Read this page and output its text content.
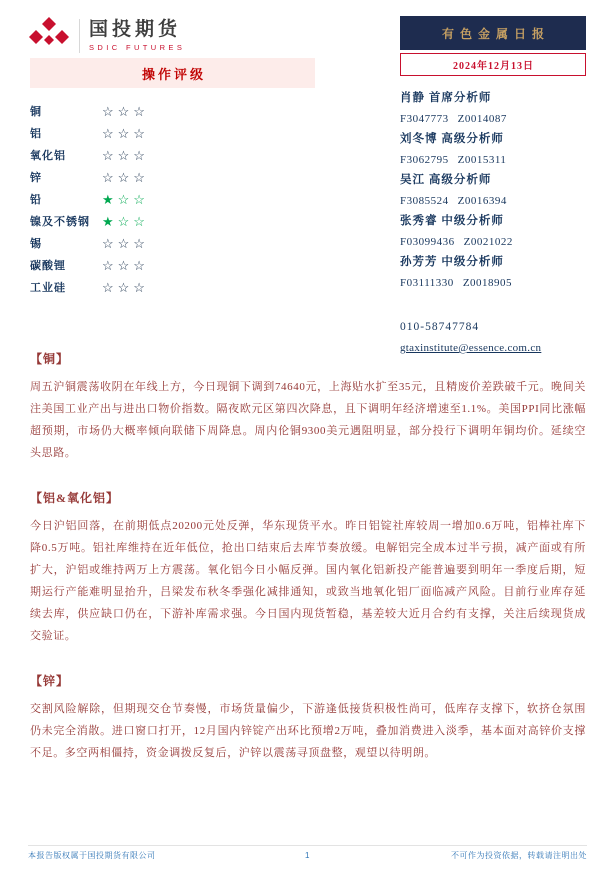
国投期货
SDIC FUTURES
有色金属日报
2024年12月13日
操作评级
铜	☆☆☆
铝	☆☆☆
氧化铝	☆☆☆
锌	☆☆☆
铅	★☆☆
镍及不锈钢 ★☆☆
锡	☆☆☆
碳酸锂	☆☆☆
工业硅	☆☆☆
肖静 首席分析师
F3047773 Z0014087
刘冬博 高级分析师
F3062795 Z0015311
吴江 高级分析师
F3085524 Z0016394
张秀睿 中级分析师
F03099436 Z0021022
孙芳芳 中级分析师
F03111330 Z0018905
010-58747784
gtaxinstitute@essence.com.cn
【铜】
周五沪铜震荡收阴在年线上方，今日现铜下调到74640元，上海贴水扩至35元，且精废价差跌破千元。晚间关注美国工业产出与进出口物价指数。隔夜欧元区第四次降息，且下调明年经济增速至1.1%。美国PPI同比涨幅超预期，市场仍大概率倾向联储下周降息。周内伦铜9300美元遇阻明显，部分投行下调明年铜均价。延续空头思路。
【铝&氧化铝】
今日沪铝回落，在前期低点20200元处反弹，华东现货平水。昨日铝锭社库较周一增加0.6万吨，铝棒社库下降0.5万吨。铝社库维持在近年低位，抢出口结束后去库节奏放缓。电解铝完全成本过半亏损，减产面或有所扩大，沪铝或维持两万上方震荡。氧化铝今日小幅反弹。国内氧化铝新投产能普遍要到明年一季度后期，短期运行产能难明显抬升，吕梁发布秋冬季强化减排通知，或致当地氧化铝厂面临减产风险。目前行业库存延续去库，供应缺口仍在，下游补库需求强。今日国内现货暂稳，基差较大近月合约有支撑，关注后续现货成交验证。
【锌】
交割风险解除，但期现交仓节奏慢，市场货量偏少，下游逢低接货积极性尚可，低库存支撑下，软挤仓氛围仍未完全消散。进口窗口打开，12月国内锌锭产出环比预增2万吨，叠加消费进入淡季，基本面对高锌价支撑不足。多空两相僵持，资金调拨反复后，沪锌以震荡寻顶盘整，观望以待明朗。
本报告版权属于国投期货有限公司	1	不可作为投资依据，转载请注明出处
